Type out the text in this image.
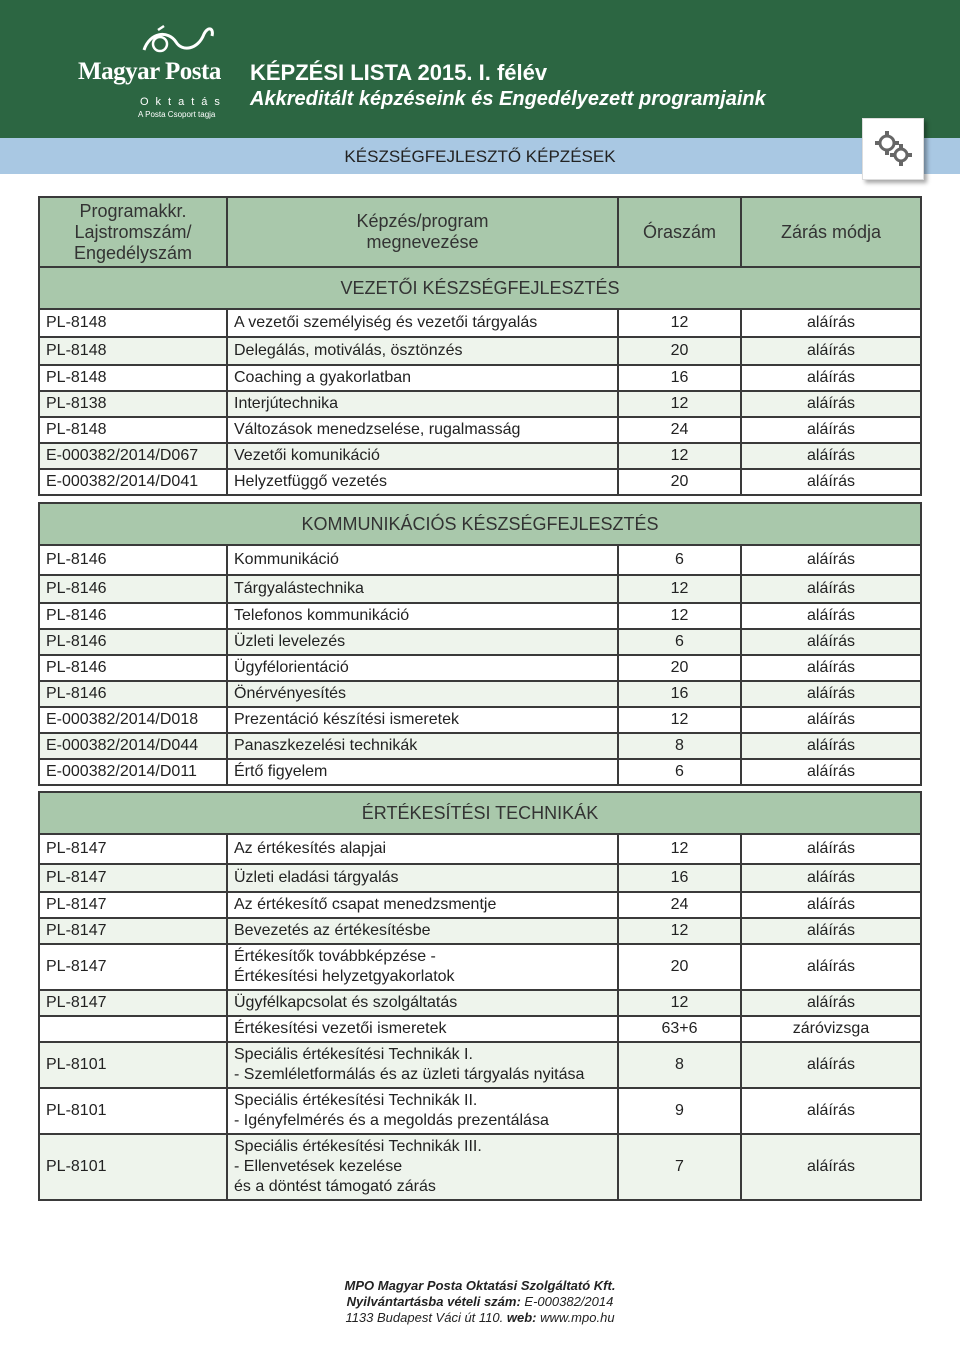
Magyar Posta
Oktatás
A Posta Csoport tagja
KÉPZÉSI LISTA 2015. I. félév
Akkreditált képzéseink és Engedélyezett programjaink
KÉSZSÉGFEJLESZTŐ KÉPZÉSEK
Programakkr. Lajstromszám/ Engedélyszám	Képzés/program megnevezése	Óraszám	Zárás módja
VEZETŐI KÉSZSÉGFEJLESZTÉS			
PL-8148	A vezetői személyiség és vezetői tárgyalás	12	aláírás
PL-8148	Delegálás, motiválás, ösztönzés	20	aláírás
PL-8148	Coaching a gyakorlatban	16	aláírás
PL-8138	Interjútechnika	12	aláírás
PL-8148	Változások menedzselése, rugalmasság	24	aláírás
E-000382/2014/D067	Vezetői komunikáció	12	aláírás
E-000382/2014/D041	Helyzetfüggő vezetés	20	aláírás
KOMMUNIKÁCIÓS KÉSZSÉGFEJLESZTÉS			
PL-8146	Kommunikáció	6	aláírás
PL-8146	Tárgyalástechnika	12	aláírás
PL-8146	Telefonos kommunikáció	12	aláírás
PL-8146	Üzleti levelezés	6	aláírás
PL-8146	Ügyfélorientáció	20	aláírás
PL-8146	Önérvényesítés	16	aláírás
E-000382/2014/D018	Prezentáció készítési ismeretek	12	aláírás
E-000382/2014/D044	Panaszkezelési technikák	8	aláírás
E-000382/2014/D011	Értő figyelem	6	aláírás
ÉRTÉKESÍTÉSI TECHNIKÁK			
PL-8147	Az értékesítés alapjai	12	aláírás
PL-8147	Üzleti eladási tárgyalás	16	aláírás
PL-8147	Az értékesítő csapat menedzsmentje	24	aláírás
PL-8147	Bevezetés az értékesítésbe	12	aláírás
PL-8147	Értékesítők továbbképzése -
Értékesítési helyzetgyakorlatok	20	aláírás
PL-8147	Ügyfélkapcsolat és szolgáltatás	12	aláírás
	Értékesítési vezetői ismeretek	63+6	záróvizsga
PL-8101	Speciális értékesítési Technikák I.
- Szemléletformálás és az üzleti tárgyalás nyitása	8	aláírás
PL-8101	Speciális értékesítési Technikák II.
- Igényfelmérés és a megoldás prezentálása	9	aláírás
PL-8101	Speciális értékesítési Technikák III.
- Ellenvetések kezelése
és a döntést támogató zárás	7	aláírás
MPO Magyar Posta Oktatási Szolgáltató Kft.
Nyilvántartásba vételi szám: E-000382/2014
1133 Budapest Váci út 110. web: www.mpo.hu
